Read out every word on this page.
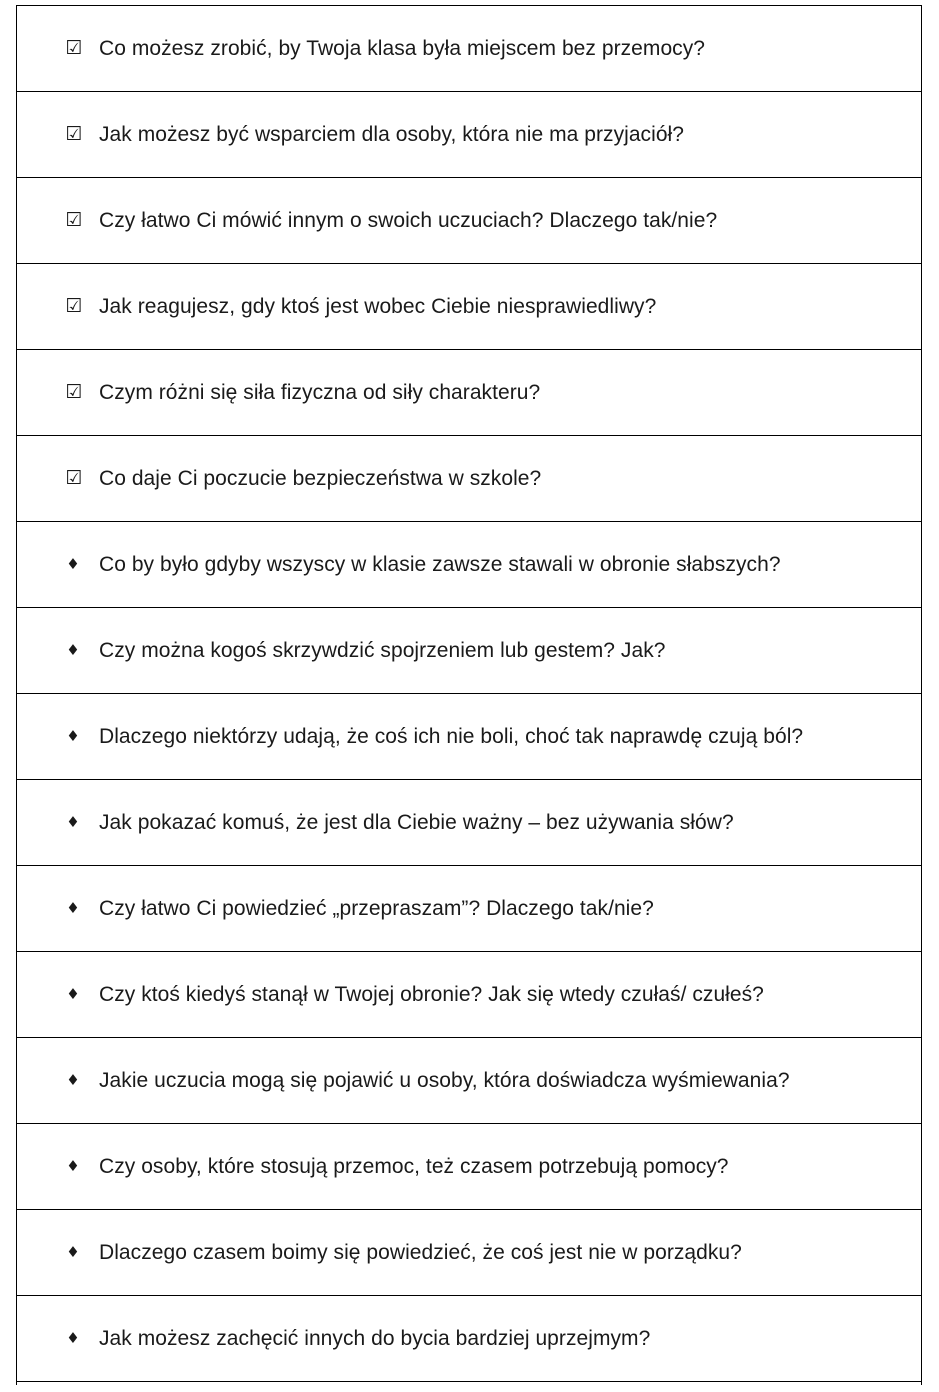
☑ Co możesz zrobić, by Twoja klasa była miejscem bez przemocy?
☑ Jak możesz być wsparciem dla osoby, która nie ma przyjaciół?
☑ Czy łatwo Ci mówić innym o swoich uczuciach? Dlaczego tak/nie?
☑ Jak reagujesz, gdy ktoś jest wobec Ciebie niesprawiedliwy?
☑ Czym różni się siła fizyczna od siły charakteru?
☑ Co daje Ci poczucie bezpieczeństwa w szkole?
♦ Co by było gdyby wszyscy w klasie zawsze stawali w obronie słabszych?
♦ Czy można kogoś skrzywdzić spojrzeniem lub gestem? Jak?
♦ Dlaczego niektórzy udają, że coś ich nie boli, choć tak naprawdę czują ból?
♦ Jak pokazać komuś, że jest dla Ciebie ważny – bez używania słów?
♦ Czy łatwo Ci powiedzieć „przepraszam”? Dlaczego tak/nie?
♦ Czy ktoś kiedyś stanął w Twojej obronie? Jak się wtedy czułaś/ czułeś?
♦ Jakie uczucia mogą się pojawić u osoby, która doświadcza wyśmiewania?
♦ Czy osoby, które stosują przemoc, też czasem potrzebują pomocy?
♦ Dlaczego czasem boimy się powiedzieć, że coś jest nie w porządku?
♦ Jak możesz zachęcić innych do bycia bardziej uprzejmym?
